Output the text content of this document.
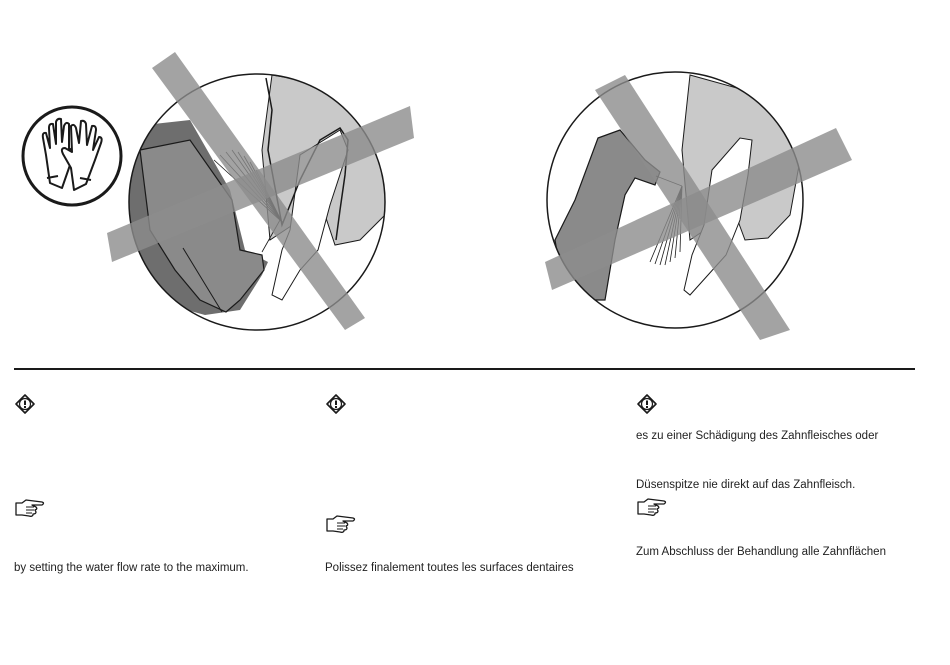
by setting the water flow rate to the maximum.	Polissez finalement toutes les surfaces dentaires
es zu einer Schädigung des Zahnfleisches oder
Düsenspitze nie direkt auf das Zahnfleisch.
Zum Abschluss der Behandlung alle Zahnflächen
